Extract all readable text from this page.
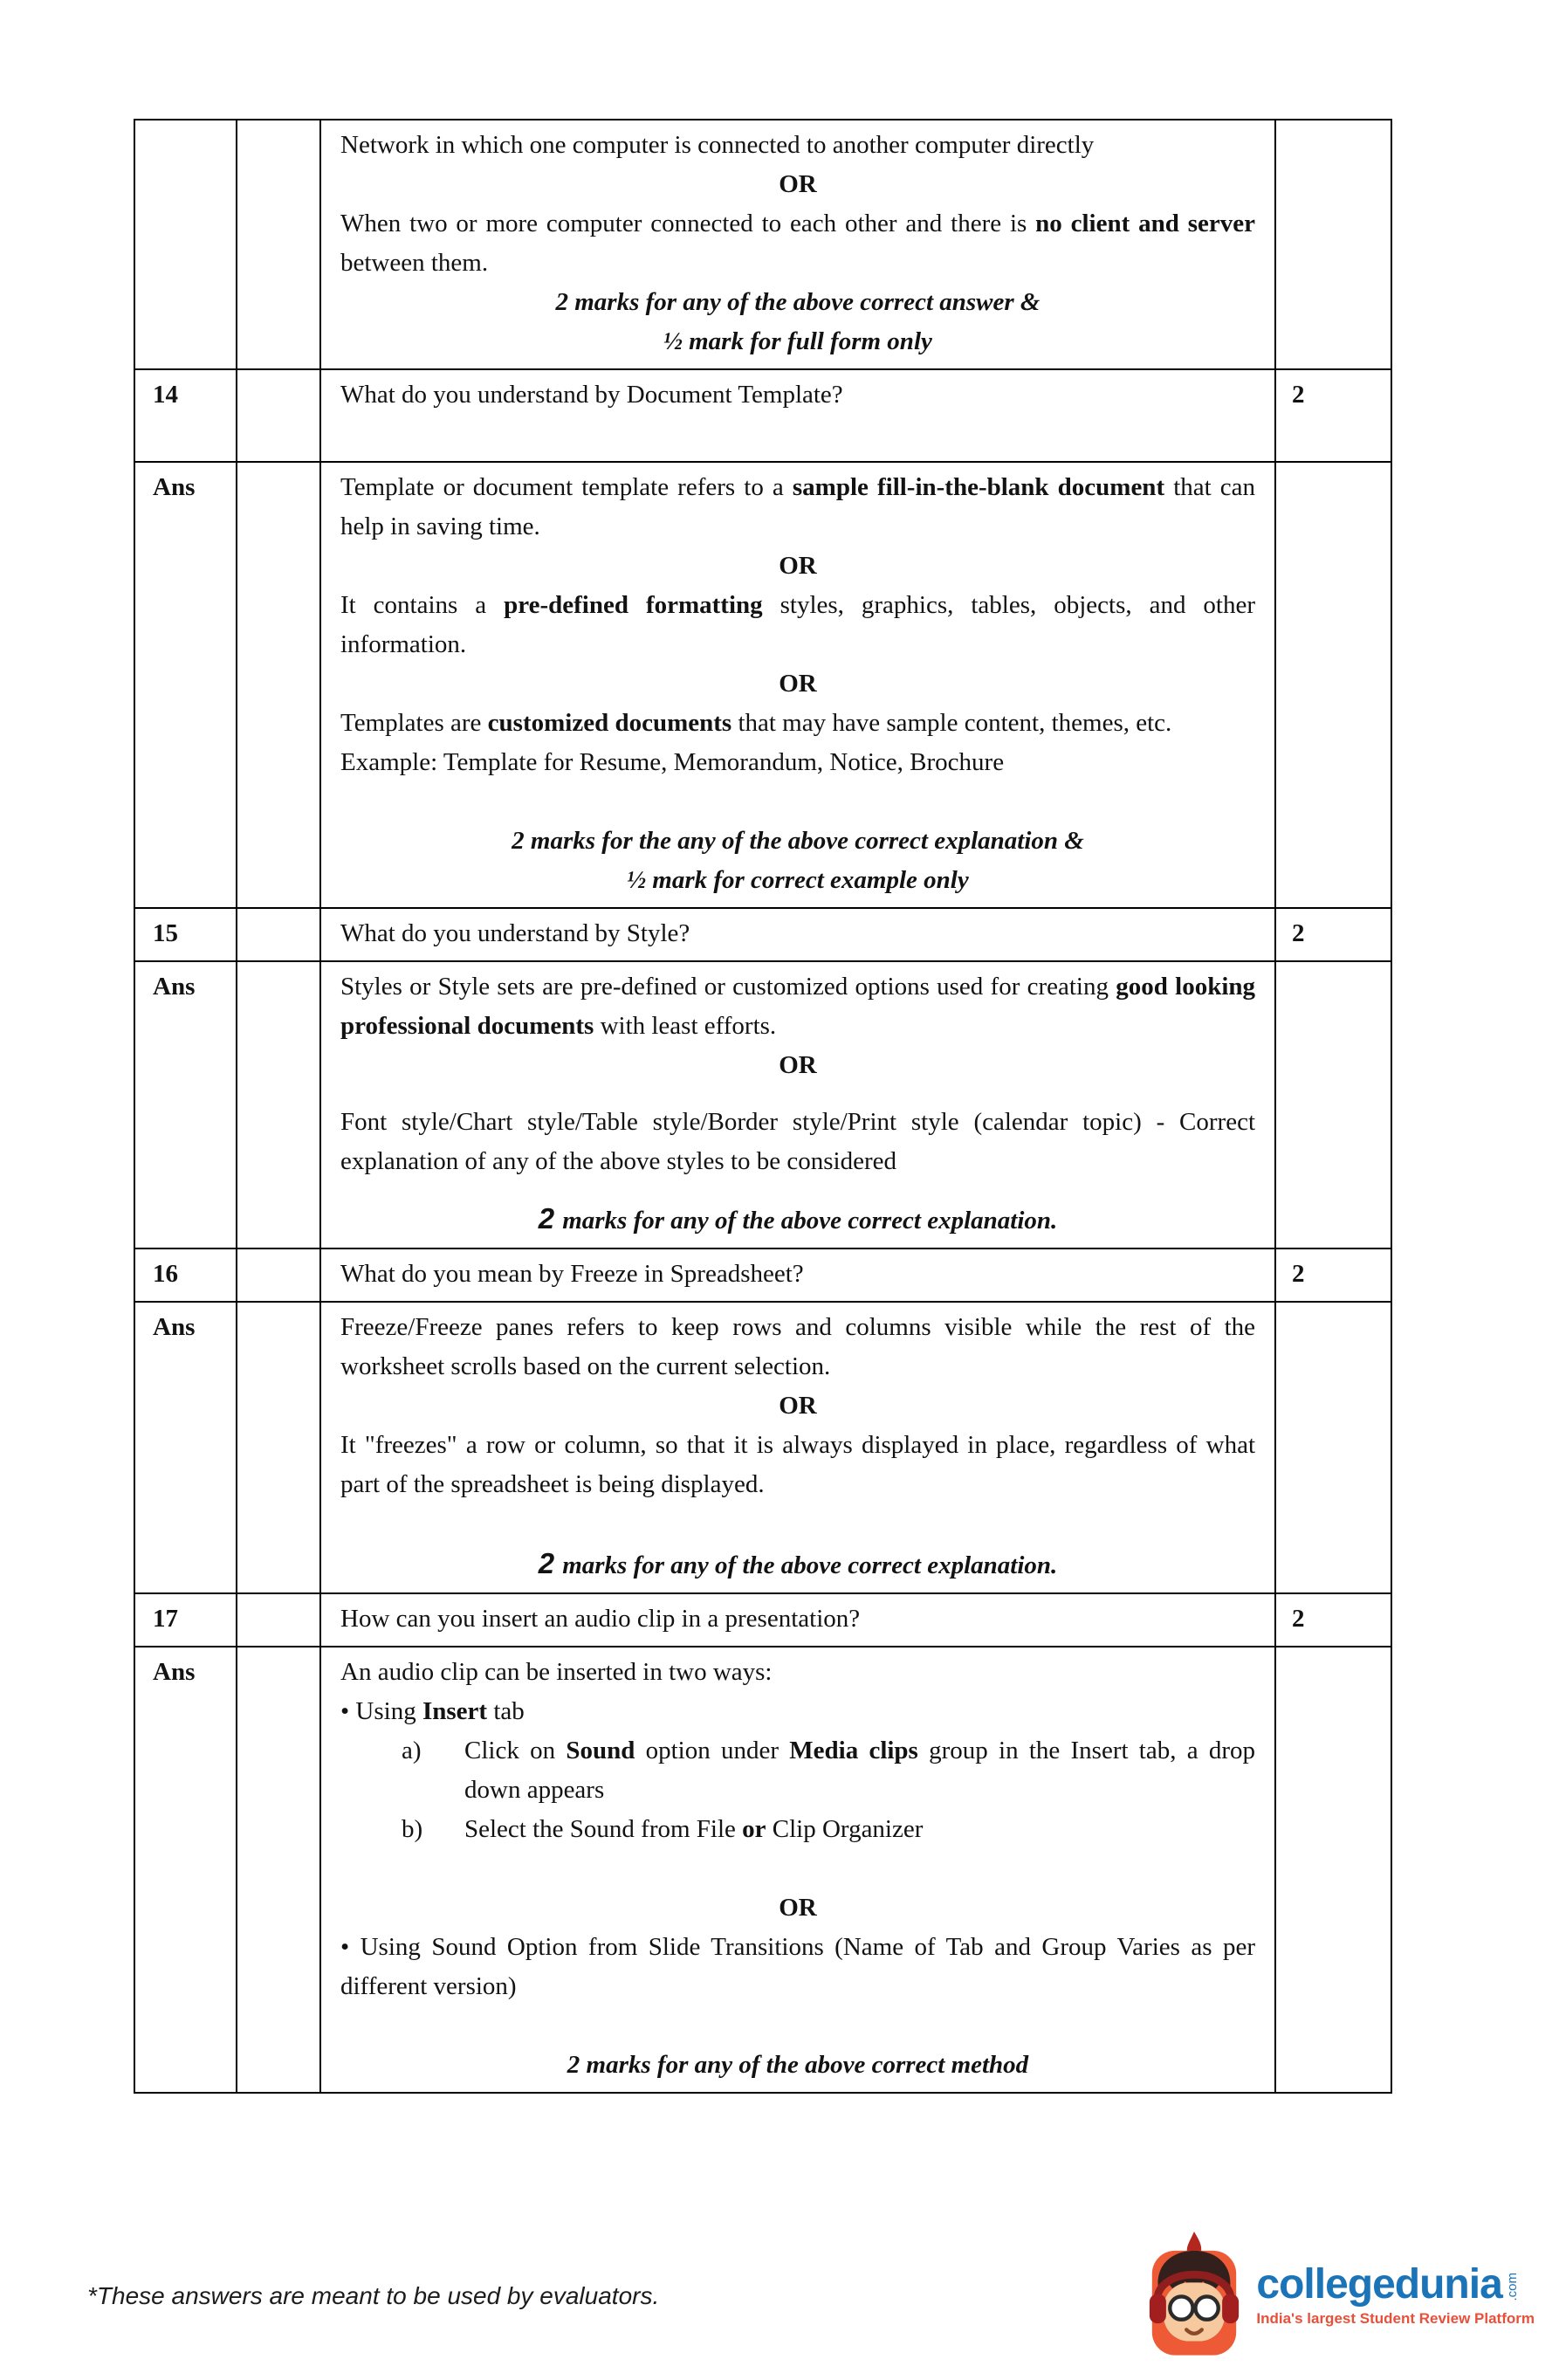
		Network in which one computer is connected to another computer directly
OR
When two or more computer connected to each other and there is no client and server between them.
2 marks for any of the above correct answer &
½ mark for full form only	

14		What do you understand by Document Template?	2
Ans		Template or document template refers to a sample fill-in-the-blank document that can help in saving time.
OR
It contains a pre-defined formatting styles, graphics, tables, objects, and other information.
OR
Templates are customized documents that may have sample content, themes, etc.
Example: Template for Resume, Memorandum, Notice, Brochure
2 marks for the any of the above correct explanation &
½ mark for correct example only

15		What do you understand by Style?	2
Ans		Styles or Style sets are pre-defined or customized options used for creating good looking professional documents with least efforts.
OR
Font style/Chart style/Table style/Border style/Print style (calendar topic) - Correct explanation of any of the above styles to be considered
2 marks for any of the above correct explanation.	

16		What do you mean by Freeze in Spreadsheet?	2
Ans		Freeze/Freeze panes refers to keep rows and columns visible while the rest of the worksheet scrolls based on the current selection.
OR
It "freezes" a row or column, so that it is always displayed in place, regardless of what part of the spreadsheet is being displayed.
2 marks for any of the above correct explanation.	

17		How can you insert an audio clip in a presentation?	2
Ans		An audio clip can be inserted in two ways:
• Using Insert tab
a) Click on Sound option under Media clips group in the Insert tab, a drop down appears
b) Select the Sound from File or Clip Organizer
OR
• Using Sound Option from Slide Transitions (Name of Tab and Group Varies as per different version)
2 marks for any of the above correct method

*These answers are meant to be used by evaluators.	collegedunia .com
India's largest Student Review Platform
